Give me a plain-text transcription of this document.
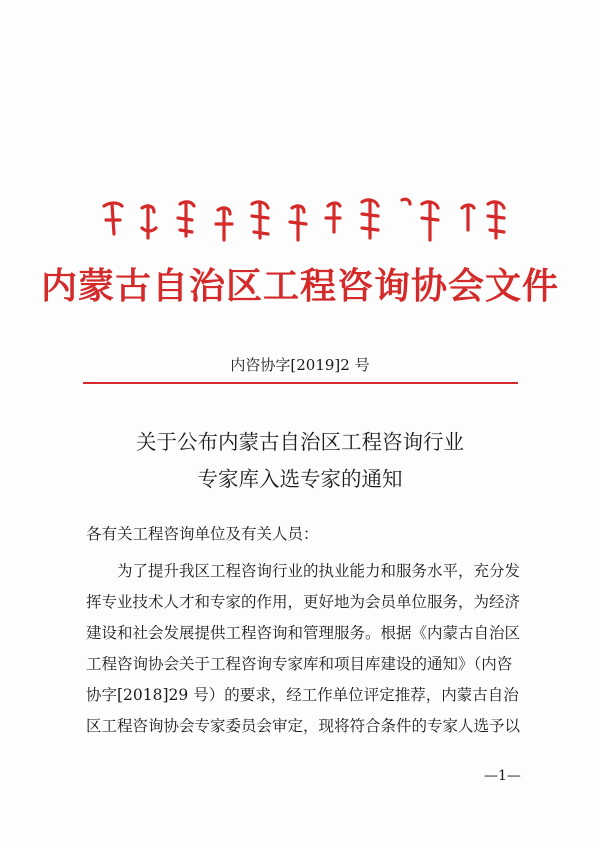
内蒙古自治区工程咨询协会文件
内咨协字[2019]2 号
关于公布内蒙古自治区工程咨询行业
专家库入选专家的通知
各有关工程咨询单位及有关人员：
　　为了提升我区工程咨询行业的执业能力和服务水平，充分发
挥专业技术人才和专家的作用，更好地为会员单位服务，为经济
建设和社会发展提供工程咨询和管理服务。根据《内蒙古自治区
工程咨询协会关于工程咨询专家库和项目库建设的通知》（内咨
协字[2018]29 号）的要求，经工作单位评定推荐，内蒙古自治
区工程咨询协会专家委员会审定，现将符合条件的专家人选予以
—1—
